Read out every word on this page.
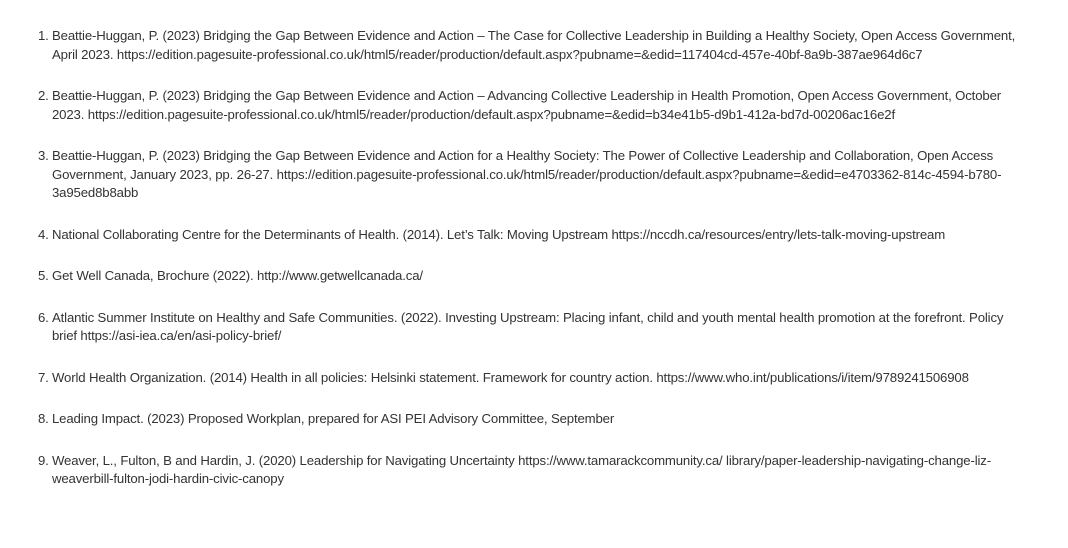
1. Beattie-Huggan, P. (2023) Bridging the Gap Between Evidence and Action – The Case for Collective Leadership in Building a Healthy Society, Open Access Government, April 2023. https://edition.pagesuite-professional.co.uk/html5/reader/production/default.aspx?pubname=&edid=117404cd-457e-40bf-8a9b-387ae964d6c7
2. Beattie-Huggan, P. (2023) Bridging the Gap Between Evidence and Action – Advancing Collective Leadership in Health Promotion, Open Access Government, October 2023. https://edition.pagesuite-professional.co.uk/html5/reader/production/default.aspx?pubname=&edid=b34e41b5-d9b1-412a-bd7d-00206ac16e2f
3. Beattie-Huggan, P. (2023) Bridging the Gap Between Evidence and Action for a Healthy Society: The Power of Collective Leadership and Collaboration, Open Access Government, January 2023, pp. 26-27. https://edition.pagesuite-professional.co.uk/html5/reader/production/default.aspx?pubname=&edid=e4703362-814c-4594-b780-3a95ed8b8abb
4. National Collaborating Centre for the Determinants of Health. (2014). Let’s Talk: Moving Upstream https://nccdh.ca/resources/entry/lets-talk-moving-upstream
5. Get Well Canada, Brochure (2022). http://www.getwellcanada.ca/
6. Atlantic Summer Institute on Healthy and Safe Communities. (2022). Investing Upstream: Placing infant, child and youth mental health promotion at the forefront. Policy brief https://asi-iea.ca/en/asi-policy-brief/
7. World Health Organization. (2014) Health in all policies: Helsinki statement. Framework for country action. https://www.who.int/publications/i/item/9789241506908
8. Leading Impact. (2023) Proposed Workplan, prepared for ASI PEI Advisory Committee, September
9. Weaver, L., Fulton, B and Hardin, J. (2020) Leadership for Navigating Uncertainty https://www.tamarackcommunity.ca/ library/paper-leadership-navigating-change-liz-weaverbill-fulton-jodi-hardin-civic-canopy
